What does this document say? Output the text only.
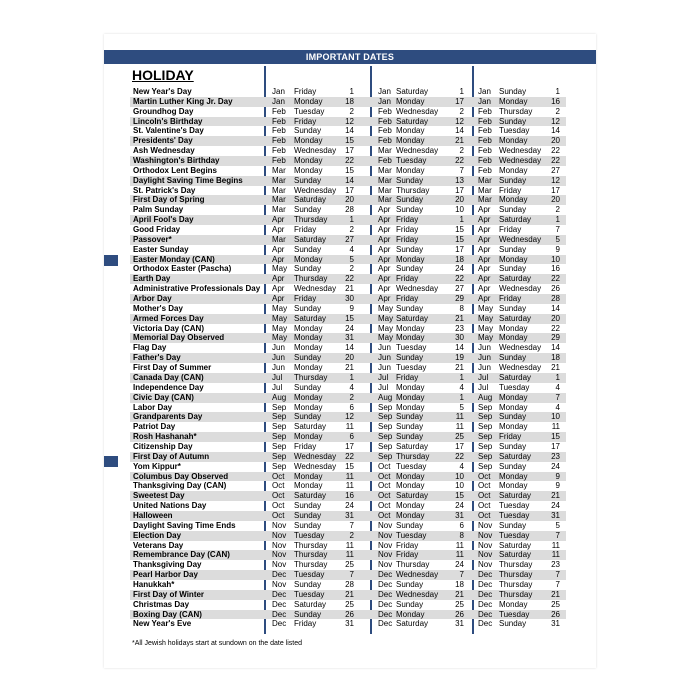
IMPORTANT DATES
HOLIDAY
New Year's Day	Jan Friday	1	Jan Saturday	1 Jan Sunday	1
Martin Luther King Jr. Day	Jan Monday	18	Jan Monday	17 Jan Monday	16
Groundhog Day	Feb Tuesday	2	Feb Wednesday	2 Feb Thursday	2
Lincoln's Birthday	Feb Friday	12	Feb Saturday	12 Feb Sunday	12
St. Valentine's Day	Feb Sunday	14	Feb Monday	14 Feb Tuesday	14
Presidents' Day	Feb Monday	15	Feb Monday	21 Feb Monday	20
Ash Wednesday	Feb Wednesday	17	Mar Wednesday	2 Feb Wednesday	22
Washington's Birthday	Feb Monday	22	Feb Tuesday	22 Feb Wednesday	22
Orthodox Lent Begins	Mar Monday	15	Mar Monday	7 Feb Monday	27
Daylight Saving Time Begins	Mar Sunday	14	Mar Sunday	13 Mar Sunday	12
St. Patrick's Day	Mar Wednesday	17	Mar Thursday	17 Mar Friday	17
First Day of Spring	Mar Saturday	20	Mar Sunday	20 Mar Monday	20
Palm Sunday	Mar Sunday	28	Apr Sunday	10 Apr Sunday	2
April Fool's Day	Apr Thursday	1	Apr Friday	1 Apr Saturday	1
Good Friday	Apr Friday	2	Apr Friday	15 Apr Friday	7
Passover*	Mar Saturday	27	Apr Friday	15 Apr Wednesday	5
Easter Sunday	Apr Sunday	4	Apr Sunday	17 Apr Sunday	9
Easter Monday (CAN)	Apr Monday	5	Apr Monday	18 Apr Monday	10
Orthodox Easter (Pascha)	May Sunday	2	Apr Sunday	24 Apr Sunday	16
Earth Day	Apr Thursday	22	Apr Friday	22 Apr Saturday	22
Administrative Professionals Day Apr Wednesday	21	Apr Wednesday	27 Apr Wednesday	26
Arbor Day	Apr Friday	30	Apr Friday	29 Apr Friday	28
Mother's Day	May Sunday	9	May Sunday	8 May Sunday	14
Armed Forces Day	May Saturday	15	May Saturday	21 May Saturday	20
Victoria Day (CAN)	May Monday	24	May Monday	23 May Monday	22
Memorial Day Observed	May Monday	31	May Monday	30 May Monday	29
Flag Day	Jun Monday	14	Jun Tuesday	14 Jun Wednesday	14
Father's Day	Jun Sunday	20	Jun Sunday	19 Jun Sunday	18
First Day of Summer	Jun Monday	21	Jun Tuesday	21 Jun Wednesday	21
Canada Day (CAN)	Jul Thursday	1	Jul Friday	1 Jul Saturday	1
Independence Day	Jul Sunday	4	Jul Monday	4 Jul Tuesday	4
Civic Day (CAN)	Aug Monday	2	Aug Monday	1 Aug Monday	7
Labor Day	Sep Monday	6	Sep Monday	5 Sep Monday	4
Grandparents Day	Sep Sunday	12	Sep Sunday	11 Sep Sunday	10
Patriot Day	Sep Saturday	11	Sep Sunday	11 Sep Monday	11
Rosh Hashanah*	Sep Monday	6	Sep Sunday	25 Sep Friday	15
Citizenship Day	Sep Friday	17	Sep Saturday	17 Sep Sunday	17
First Day of Autumn	Sep Wednesday	22	Sep Thursday	22 Sep Saturday	23
Yom Kippur*	Sep Wednesday	15	Oct Tuesday	4 Sep Sunday	24
Columbus Day Observed	Oct Monday	11	Oct Monday	10 Oct Monday	9
Thanksgiving Day (CAN)	Oct Monday	11	Oct Monday	10 Oct Monday	9
Sweetest Day	Oct Saturday	16	Oct Saturday	15 Oct Saturday	21
United Nations Day	Oct Sunday	24	Oct Monday	24 Oct Tuesday	24
Halloween	Oct Sunday	31	Oct Monday	31 Oct Tuesday	31
Daylight Saving Time Ends	Nov Sunday	7	Nov Sunday	6 Nov Sunday	5
Election Day	Nov Tuesday	2	Nov Tuesday	8 Nov Tuesday	7
Veterans Day	Nov Thursday	11	Nov Friday	11 Nov Saturday	11
Remembrance Day (CAN)	Nov Thursday	11	Nov Friday	11 Nov Saturday	11
Thanksgiving Day	Nov Thursday	25	Nov Thursday	24 Nov Thursday	23
Pearl Harbor Day	Dec Tuesday	7	Dec Wednesday	7 Dec Thursday	7
Hanukkah*	Nov Sunday	28	Dec Sunday	18 Dec Thursday	7
First Day of Winter	Dec Tuesday	21	Dec Wednesday	21 Dec Thursday	21
Christmas Day	Dec Saturday	25	Dec Sunday	25 Dec Monday	25
Boxing Day (CAN)	Dec Sunday	26	Dec Monday	26 Dec Tuesday	26
New Year's Eve	Dec Friday	31	Dec Saturday	31 Dec Sunday	31
*All Jewish holidays start at sundown on the date listed
